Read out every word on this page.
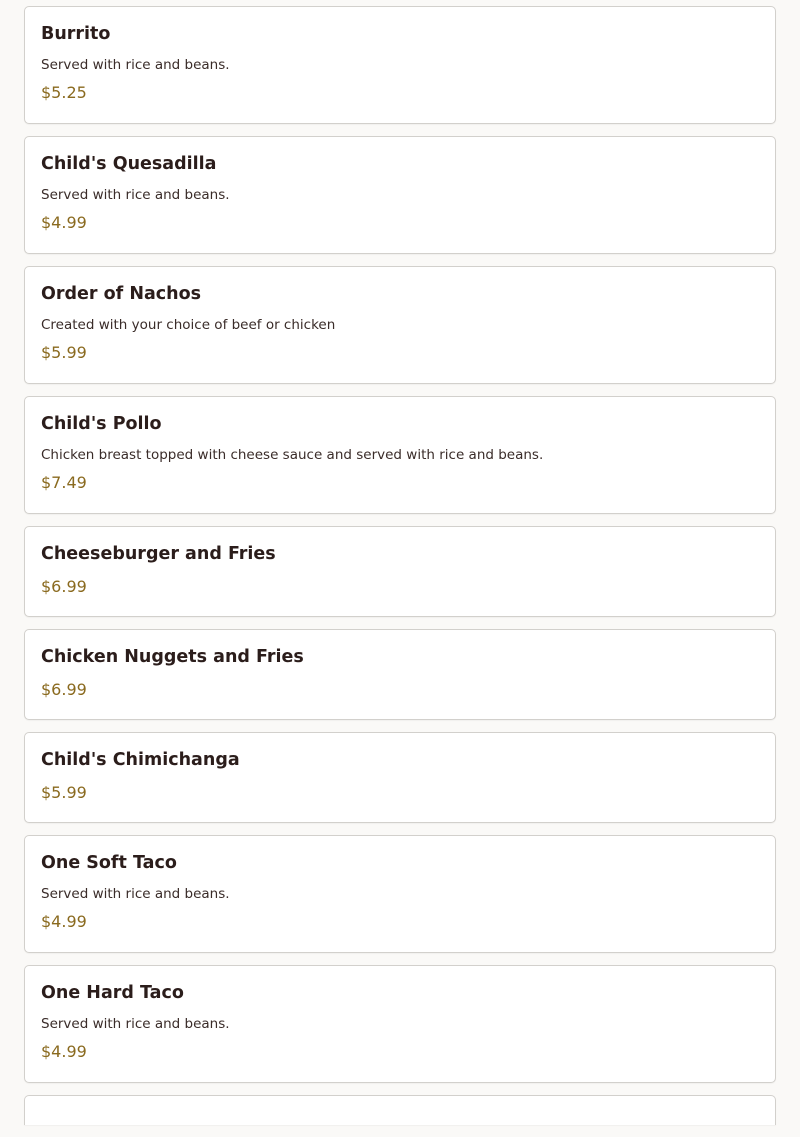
Burrito
Served with rice and beans.
$5.25
Child's Quesadilla
Served with rice and beans.
$4.99
Order of Nachos
Created with your choice of beef or chicken
$5.99
Child's Pollo
Chicken breast topped with cheese sauce and served with rice and beans.
$7.49
Cheeseburger and Fries
$6.99
Chicken Nuggets and Fries
$6.99
Child's Chimichanga
$5.99
One Soft Taco
Served with rice and beans.
$4.99
One Hard Taco
Served with rice and beans.
$4.99
